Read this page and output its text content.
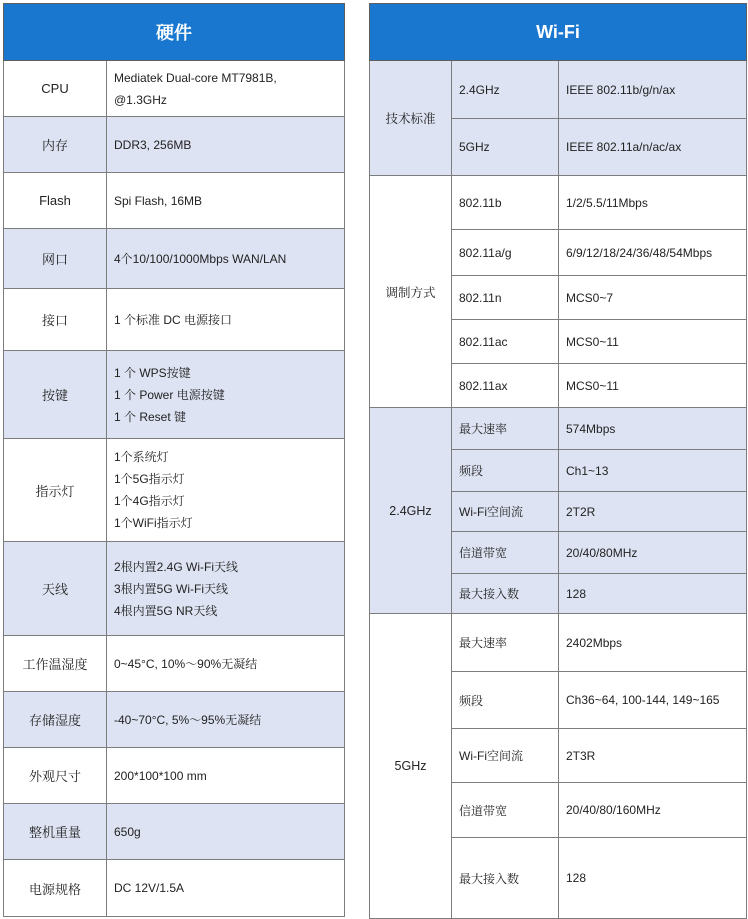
硬件	
CPU	Mediatek Dual-core MT7981B,
@1.3GHz

内存	DDR3, 256MB

Flash	Spi Flash, 16MB

网口	4个10/100/1000Mbps WAN/LAN

接口	1 个标准 DC 电源接口

按键	1 个 WPS按键
1 个 Power 电源按键
1 个 Reset 键

指示灯	1个系统灯
1个5G指示灯
1个4G指示灯
1个WiFi指示灯

天线	2根内置2.4G Wi-Fi天线
3根内置5G Wi-Fi天线
4根内置5G NR天线

工作温湿度	0~45°C, 10%～90%无凝结

存储湿度	-40~70°C, 5%～95%无凝结

外观尺寸	200*100*100 mm

整机重量	650g

电源规格	DC 12V/1.5A
Wi-Fi		
技术标准	2.4GHz	IEEE 802.11b/g/n/ax
	5GHz	IEEE 802.11a/n/ac/ax
调制方式	802.11b	1/2/5.5/11Mbps
	802.11a/g	6/9/12/18/24/36/48/54Mbps
	802.11n	MCS0~7
	802.11ac	MCS0~11
	802.11ax	MCS0~11
2.4GHz	最大速率	574Mbps
	频段	Ch1~13
	Wi-Fi空间流	2T2R
	信道带宽	20/40/80MHz
	最大接入数	128
5GHz	最大速率	2402Mbps
	频段	Ch36~64, 100-144, 149~165
	Wi-Fi空间流	2T3R
	信道带宽	20/40/80/160MHz
	最大接入数	128
